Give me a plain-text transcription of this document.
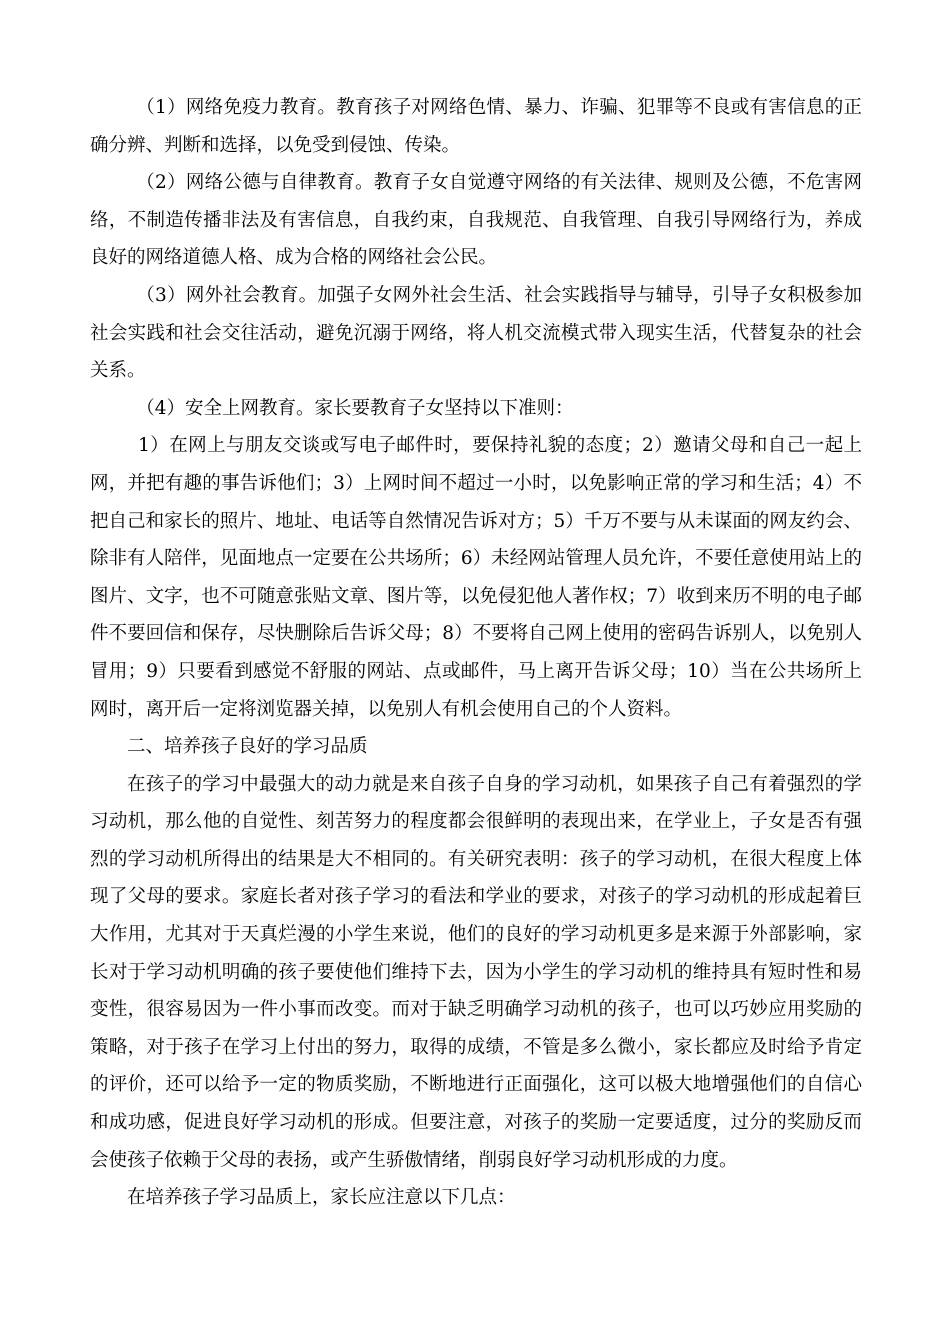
（1）网络免疫力教育。教育孩子对网络色情、暴力、诈骗、犯罪等不良或有害信息的正确分辨、判断和选择，以免受到侵蚀、传染。

（2）网络公德与自律教育。教育子女自觉遵守网络的有关法律、规则及公德，不危害网络，不制造传播非法及有害信息，自我约束，自我规范、自我管理、自我引导网络行为，养成良好的网络道德人格、成为合格的网络社会公民。

（3）网外社会教育。加强子女网外社会生活、社会实践指导与辅导，引导子女积极参加社会实践和社会交往活动，避免沉溺于网络，将人机交流模式带入现实生活，代替复杂的社会关系。

（4）安全上网教育。家长要教育子女坚持以下准则：

1）在网上与朋友交谈或写电子邮件时，要保持礼貌的态度；2）邀请父母和自己一起上网，并把有趣的事告诉他们；3）上网时间不超过一小时，以免影响正常的学习和生活；4）不把自己和家长的照片、地址、电话等自然情况告诉对方；5）千万不要与从未谋面的网友约会、除非有人陪伴，见面地点一定要在公共场所；6）未经网站管理人员允许，不要任意使用站上的图片、文字，也不可随意张贴文章、图片等，以免侵犯他人著作权；7）收到来历不明的电子邮件不要回信和保存，尽快删除后告诉父母；8）不要将自己网上使用的密码告诉别人，以免别人冒用；9）只要看到感觉不舒服的网站、点或邮件，马上离开告诉父母；10）当在公共场所上网时，离开后一定将浏览器关掉，以免别人有机会使用自己的个人资料。

二、培养孩子良好的学习品质

在孩子的学习中最强大的动力就是来自孩子自身的学习动机，如果孩子自己有着强烈的学习动机，那么他的自觉性、刻苦努力的程度都会很鲜明的表现出来，在学业上，子女是否有强烈的学习动机所得出的结果是大不相同的。有关研究表明：孩子的学习动机，在很大程度上体现了父母的要求。家庭长者对孩子学习的看法和学业的要求，对孩子的学习动机的形成起着巨大作用，尤其对于天真烂漫的小学生来说，他们的良好的学习动机更多是来源于外部影响，家长对于学习动机明确的孩子要使他们维持下去，因为小学生的学习动机的维持具有短时性和易变性，很容易因为一件小事而改变。而对于缺乏明确学习动机的孩子，也可以巧妙应用奖励的策略，对于孩子在学习上付出的努力，取得的成绩，不管是多么微小，家长都应及时给予肯定的评价，还可以给予一定的物质奖励，不断地进行正面强化，这可以极大地增强他们的自信心和成功感，促进良好学习动机的形成。但要注意，对孩子的奖励一定要适度，过分的奖励反而会使孩子依赖于父母的表扬，或产生骄傲情绪，削弱良好学习动机形成的力度。

在培养孩子学习品质上，家长应注意以下几点：
